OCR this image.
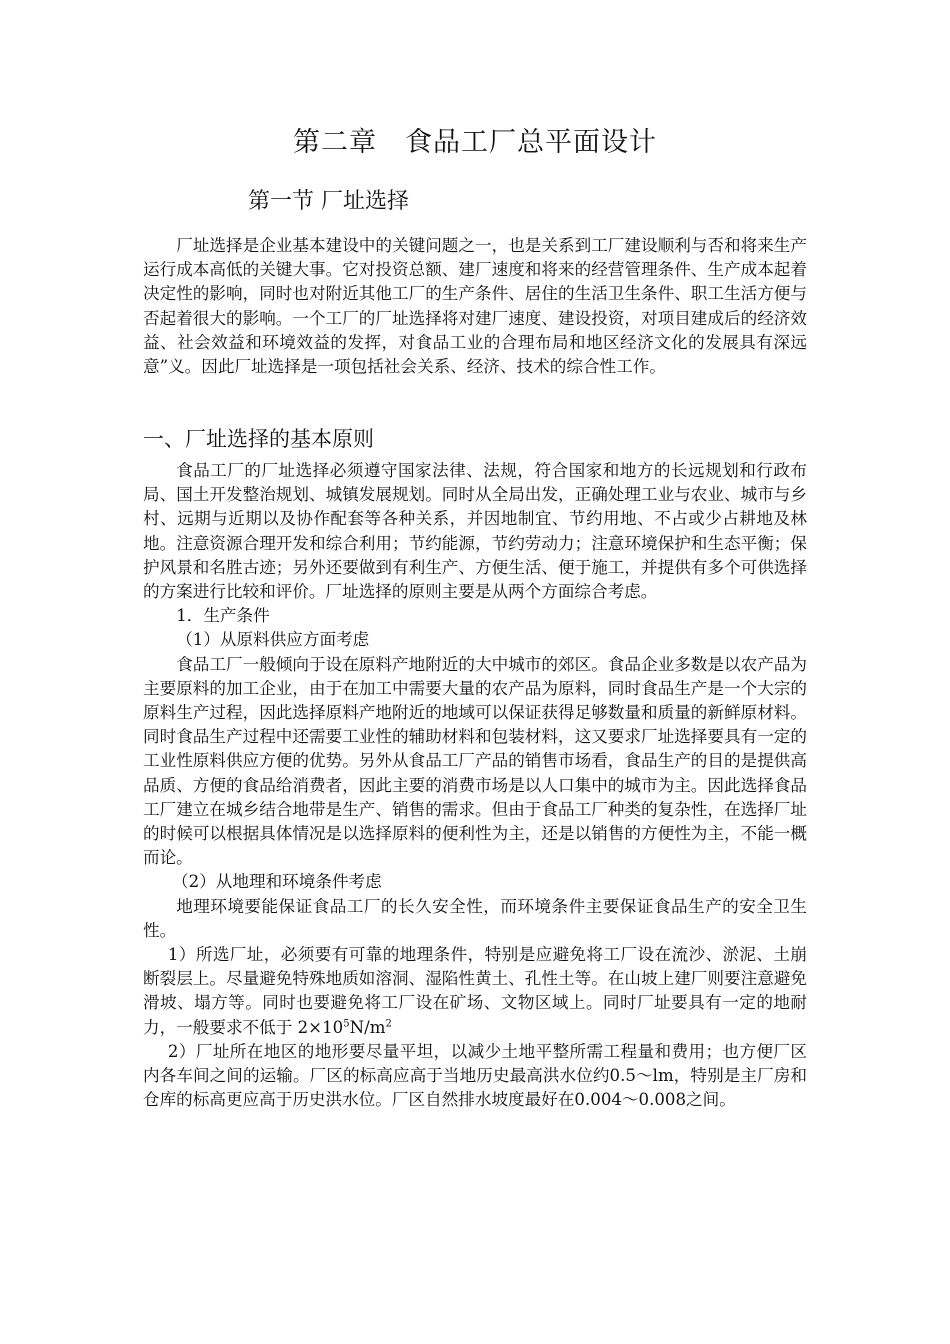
第二章　食品工厂总平面设计
第一节 厂址选择

厂址选择是企业基本建设中的关键问题之一，也是关系到工厂建设顺利与否和将来生产运行成本高低的关键大事。它对投资总额、建厂速度和将来的经营管理条件、生产成本起着决定性的影响，同时也对附近其他工厂的生产条件、居住的生活卫生条件、职工生活方便与否起着很大的影响。一个工厂的厂址选择将对建厂速度、建设投资，对项目建成后的经济效益、社会效益和环境效益的发挥，对食品工业的合理布局和地区经济文化的发展具有深远意”义。因此厂址选择是一项包括社会关系、经济、技术的综合性工作。

一、厂址选择的基本原则

食品工厂的厂址选择必须遵守国家法律、法规，符合国家和地方的长远规划和行政布局、国土开发整治规划、城镇发展规划。同时从全局出发，正确处理工业与农业、城市与乡村、远期与近期以及协作配套等各种关系，并因地制宜、节约用地、不占或少占耕地及林地。注意资源合理开发和综合利用；节约能源，节约劳动力；注意环境保护和生态平衡；保护风景和名胜古迹；另外还要做到有利生产、方便生活、便于施工，并提供有多个可供选择的方案进行比较和评价。厂址选择的原则主要是从两个方面综合考虑。

1．生产条件

（1）从原料供应方面考虑

食品工厂一般倾向于设在原料产地附近的大中城市的郊区。食品企业多数是以农产品为主要原料的加工企业，由于在加工中需要大量的农产品为原料，同时食品生产是一个大宗的原料生产过程，因此选择原料产地附近的地域可以保证获得足够数量和质量的新鲜原材料。同时食品生产过程中还需要工业性的辅助材料和包装材料，这又要求厂址选择要具有一定的工业性原料供应方便的优势。另外从食品工厂产品的销售市场看，食品生产的目的是提供高品质、方便的食品给消费者，因此主要的消费市场是以人口集中的城市为主。因此选择食品工厂建立在城乡结合地带是生产、销售的需求。但由于食品工厂种类的复杂性，在选择厂址的时候可以根据具体情况是以选择原料的便利性为主，还是以销售的方便性为主，不能一概而论。

（2）从地理和环境条件考虑

地理环境要能保证食品工厂的长久安全性，而环境条件主要保证食品生产的安全卫生性。

1）所选厂址，必须要有可靠的地理条件，特别是应避免将工厂设在流沙、淤泥、土崩断裂层上。尽量避免特殊地质如溶洞、湿陷性黄土、孔性土等。在山坡上建厂则要注意避免滑坡、塌方等。同时也要避免将工厂设在矿场、文物区域上。同时厂址要具有一定的地耐力，一般要求不低于 $2\times 10^5N/m^2$

2）厂址所在地区的地形要尽量平坦，以减少土地平整所需工程量和费用；也方便厂区内各车间之间的运输。厂区的标高应高于当地历史最高洪水位约0.5～lm，特别是主厂房和仓库的标高更应高于历史洪水位。厂区自然排水坡度最好在0.004～0.008之间。
